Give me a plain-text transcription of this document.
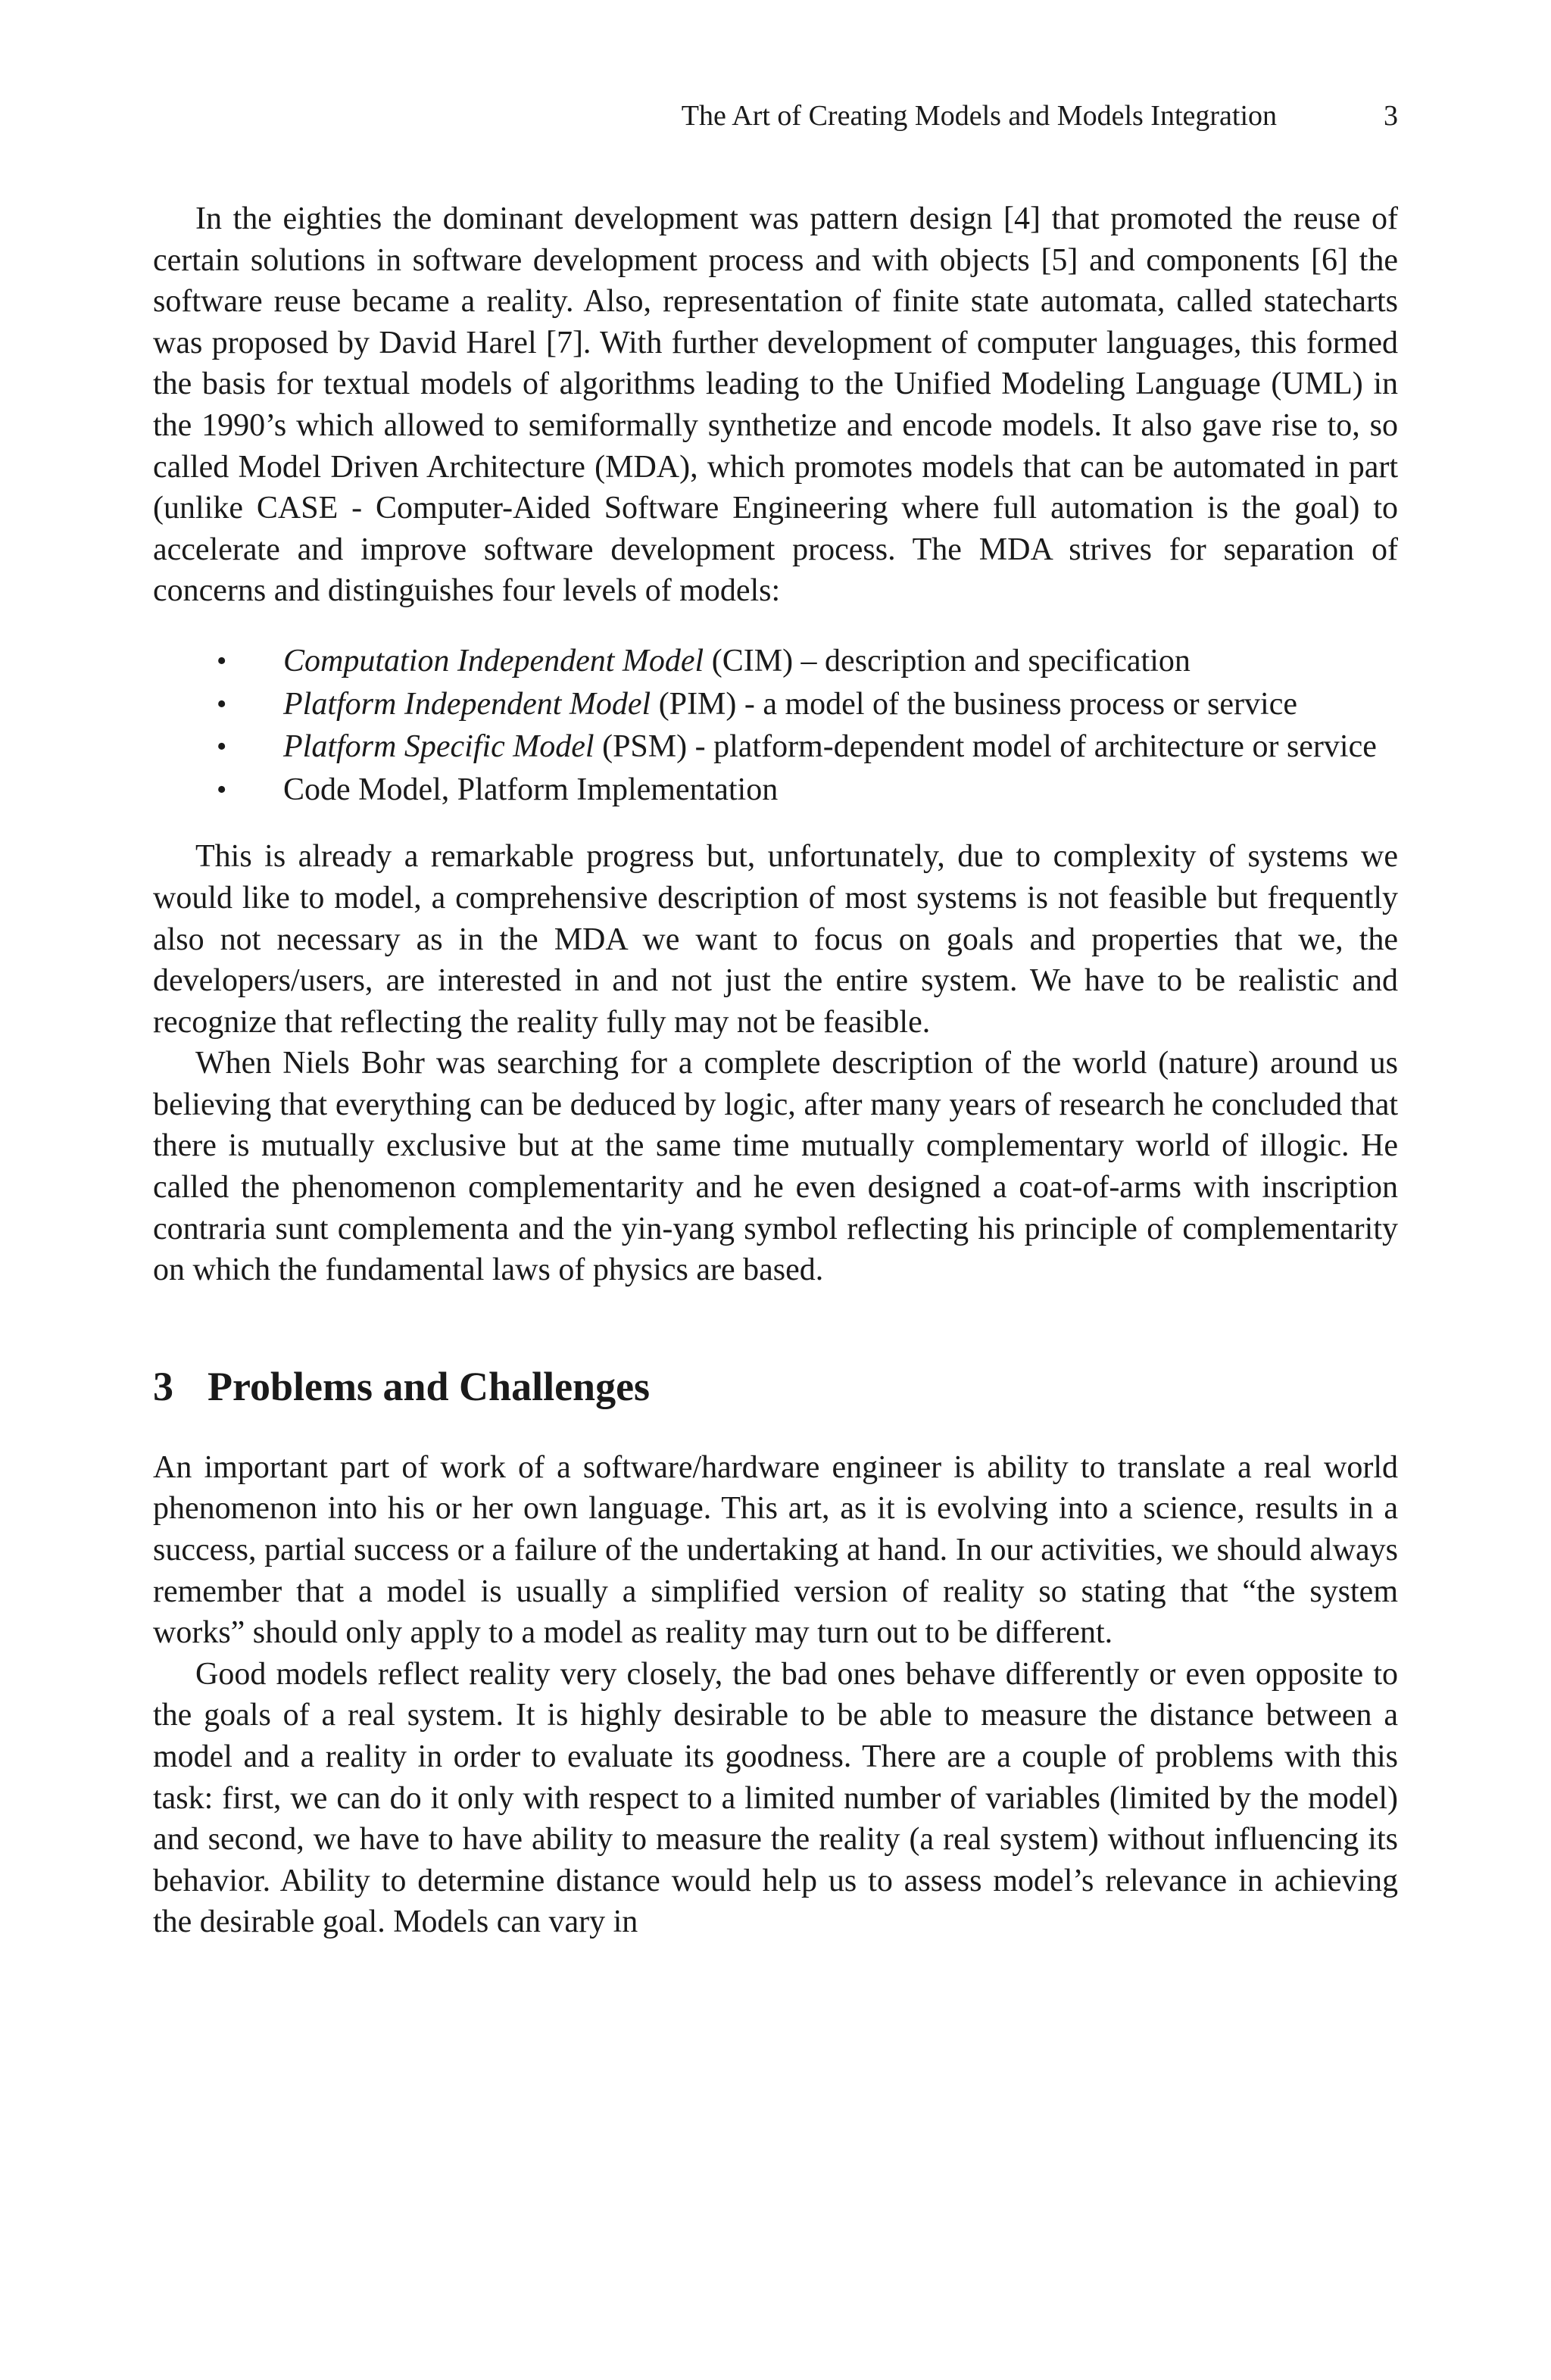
The Art of Creating Models and Models Integration	3

In the eighties the dominant development was pattern design [4] that promoted the reuse of certain solutions in software development process and with objects [5] and components [6] the software reuse became a reality. Also, representation of finite state automata, called statecharts was proposed by David Harel [7]. With further development of computer languages, this formed the basis for textual models of algorithms leading to the Unified Modeling Language (UML) in the 1990’s which allowed to semiformally synthetize and encode models. It also gave rise to, so called Model Driven Architecture (MDA), which promotes models that can be automated in part (unlike CASE - Computer-Aided Software Engineering where full automation is the goal) to accelerate and improve software development process. The MDA strives for separation of concerns and distinguishes four levels of models:

• Computation Independent Model (CIM) – description and specification
• Platform Independent Model (PIM) - a model of the business process or service
• Platform Specific Model (PSM) - platform-dependent model of architecture or service
• Code Model, Platform Implementation

This is already a remarkable progress but, unfortunately, due to complexity of systems we would like to model, a comprehensive description of most systems is not feasible but frequently also not necessary as in the MDA we want to focus on goals and properties that we, the developers/users, are interested in and not just the entire system. We have to be realistic and recognize that reflecting the reality fully may not be feasible.

When Niels Bohr was searching for a complete description of the world (nature) around us believing that everything can be deduced by logic, after many years of research he concluded that there is mutually exclusive but at the same time mutually complementary world of illogic. He called the phenomenon complementarity and he even designed a coat-of-arms with inscription contraria sunt complementa and the yin-yang symbol reflecting his principle of complementarity on which the fundamental laws of physics are based.

3 Problems and Challenges

An important part of work of a software/hardware engineer is ability to translate a real world phenomenon into his or her own language. This art, as it is evolving into a science, results in a success, partial success or a failure of the undertaking at hand. In our activities, we should always remember that a model is usually a simplified version of reality so stating that “the system works” should only apply to a model as reality may turn out to be different.

Good models reflect reality very closely, the bad ones behave differently or even opposite to the goals of a real system. It is highly desirable to be able to measure the distance between a model and a reality in order to evaluate its goodness. There are a couple of problems with this task: first, we can do it only with respect to a limited number of variables (limited by the model) and second, we have to have ability to measure the reality (a real system) without influencing its behavior. Ability to determine distance would help us to assess model’s relevance in achieving the desirable goal. Models can vary in
